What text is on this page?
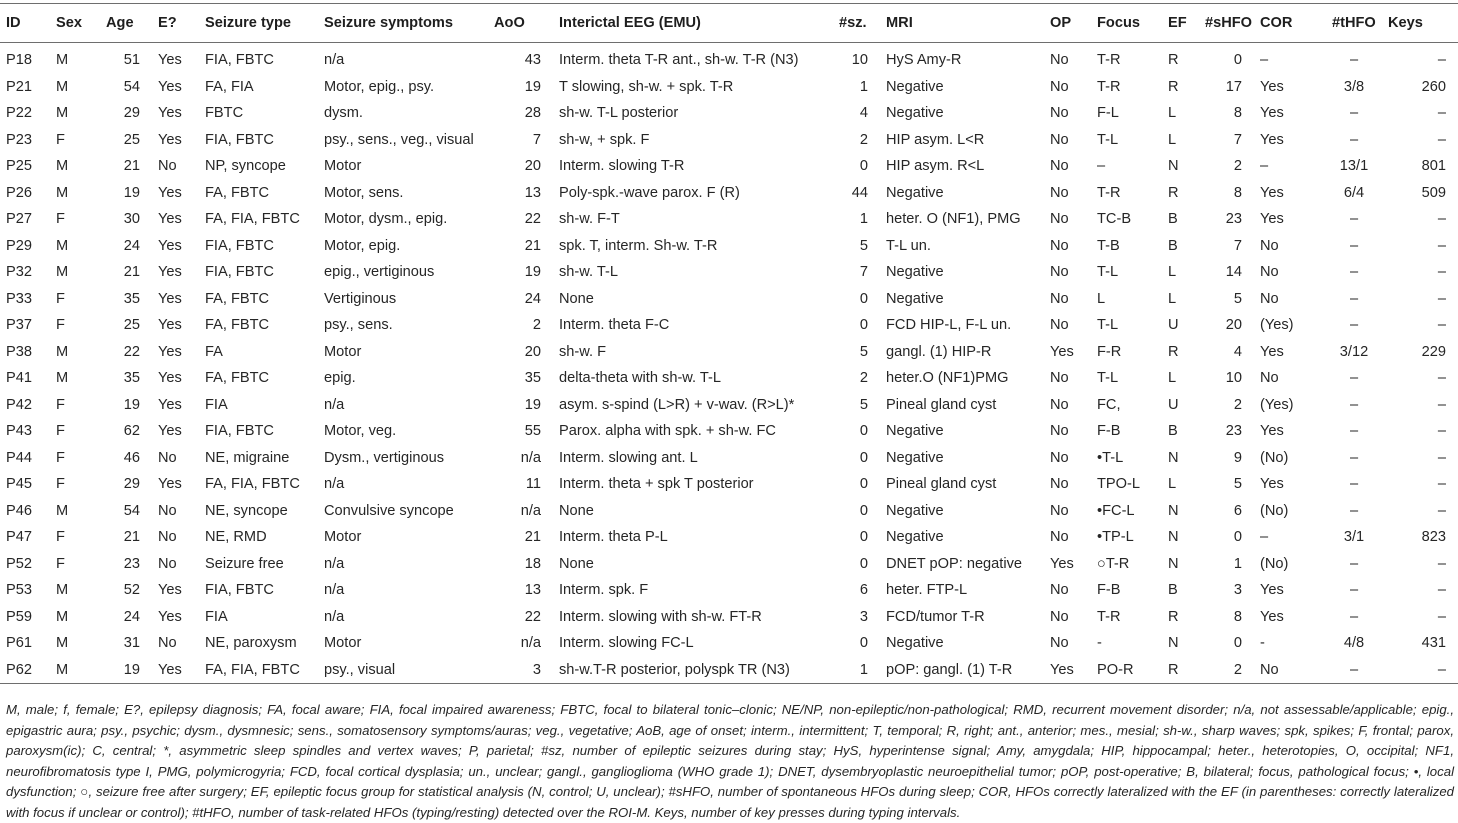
ID	Sex	Age	E?	Seizure type	Seizure symptoms	AoO	Interictal EEG (EMU)	#sz.	MRI	OP	Focus	EF	#sHFO	COR	#tHFO	Keys
P18	M	51	Yes	FIA, FBTC	n/a	43	Interm. theta T-R ant., sh-w. T-R (N3)	10	HyS Amy-R	No	T-R	R	0	–	–	–
P21	M	54	Yes	FA, FIA	Motor, epig., psy.	19	T slowing, sh-w. + spk. T-R	1	Negative	No	T-R	R	17	Yes	3/8	260
P22	M	29	Yes	FBTC	dysm.	28	sh-w. T-L posterior	4	Negative	No	F-L	L	8	Yes	–	–
P23	F	25	Yes	FIA, FBTC	psy., sens., veg., visual	7	sh-w, + spk. F	2	HIP asym. L<R	No	T-L	L	7	Yes	–	–
P25	M	21	No	NP, syncope	Motor	20	Interm. slowing T-R	0	HIP asym. R<L	No	–	N	2	–	13/1	801
P26	M	19	Yes	FA, FBTC	Motor, sens.	13	Poly-spk.-wave parox. F (R)	44	Negative	No	T-R	R	8	Yes	6/4	509
P27	F	30	Yes	FA, FIA, FBTC	Motor, dysm., epig.	22	sh-w. F-T	1	heter. O (NF1), PMG	No	TC-B	B	23	Yes	–	–
P29	M	24	Yes	FIA, FBTC	Motor, epig.	21	spk. T, interm. Sh-w. T-R	5	T-L un.	No	T-B	B	7	No	–	–
P32	M	21	Yes	FIA, FBTC	epig., vertiginous	19	sh-w. T-L	7	Negative	No	T-L	L	14	No	–	–
P33	F	35	Yes	FA, FBTC	Vertiginous	24	None	0	Negative	No	L	L	5	No	–	–
P37	F	25	Yes	FA, FBTC	psy., sens.	2	Interm. theta F-C	0	FCD HIP-L, F-L un.	No	T-L	U	20	(Yes)	–	–
P38	M	22	Yes	FA	Motor	20	sh-w. F	5	gangl. (1) HIP-R	Yes	F-R	R	4	Yes	3/12	229
P41	M	35	Yes	FA, FBTC	epig.	35	delta-theta with sh-w. T-L	2	heter.O (NF1)PMG	No	T-L	L	10	No	–	–
P42	F	19	Yes	FIA	n/a	19	asym. s-spind (L>R) + v-wav. (R>L)*	5	Pineal gland cyst	No	FC,	U	2	(Yes)	–	–
P43	F	62	Yes	FIA, FBTC	Motor, veg.	55	Parox. alpha with spk. + sh-w. FC	0	Negative	No	F-B	B	23	Yes	–	–
P44	F	46	No	NE, migraine	Dysm., vertiginous	n/a	Interm. slowing ant. L	0	Negative	No	•T-L	N	9	(No)	–	–
P45	F	29	Yes	FA, FIA, FBTC	n/a	11	Interm. theta + spk T posterior	0	Pineal gland cyst	No	TPO-L	L	5	Yes	–	–
P46	M	54	No	NE, syncope	Convulsive syncope	n/a	None	0	Negative	No	•FC-L	N	6	(No)	–	–
P47	F	21	No	NE, RMD	Motor	21	Interm. theta P-L	0	Negative	No	•TP-L	N	0	–	3/1	823
P52	F	23	No	Seizure free	n/a	18	None	0	DNET pOP: negative	Yes	○T-R	N	1	(No)	–	–
P53	M	52	Yes	FIA, FBTC	n/a	13	Interm. spk. F	6	heter. FTP-L	No	F-B	B	3	Yes	–	–
P59	M	24	Yes	FIA	n/a	22	Interm. slowing with sh-w. FT-R	3	FCD/tumor T-R	No	T-R	R	8	Yes	–	–
P61	M	31	No	NE, paroxysm	Motor	n/a	Interm. slowing FC-L	0	Negative	No	-	N	0	-	4/8	431
P62	M	19	Yes	FA, FIA, FBTC	psy., visual	3	sh-w.T-R posterior, polyspk TR (N3)	1	pOP: gangl. (1) T-R	Yes	PO-R	R	2	No	–	–
M, male; f, female; E?, epilepsy diagnosis; FA, focal aware; FIA, focal impaired awareness; FBTC, focal to bilateral tonic–clonic; NE/NP, non-epileptic/non-pathological; RMD, recurrent movement disorder; n/a, not assessable/applicable; epig., epigastric aura; psy., psychic; dysm., dysmnesic; sens., somatosensory symptoms/auras; veg., vegetative; AoB, age of onset; interm., intermittent; T, temporal; R, right; ant., anterior; mes., mesial; sh-w., sharp waves; spk, spikes; F, frontal; parox, paroxysm(ic); C, central; *, asymmetric sleep spindles and vertex waves; P, parietal; #sz, number of epileptic seizures during stay; HyS, hyperintense signal; Amy, amygdala; HIP, hippocampal; heter., heterotopies, O, occipital; NF1, neurofibromatosis type I, PMG, polymicrogyria; FCD, focal cortical dysplasia; un., unclear; gangl., ganglioglioma (WHO grade 1); DNET, dysembryoplastic neuroepithelial tumor; pOP, post-operative; B, bilateral; focus, pathological focus; •, local dysfunction; ○, seizure free after surgery; EF, epileptic focus group for statistical analysis (N, control; U, unclear); #sHFO, number of spontaneous HFOs during sleep; COR, HFOs correctly lateralized with the EF (in parentheses: correctly lateralized with focus if unclear or control); #tHFO, number of task-related HFOs (typing/resting) detected over the ROI-M. Keys, number of key presses during typing intervals.
